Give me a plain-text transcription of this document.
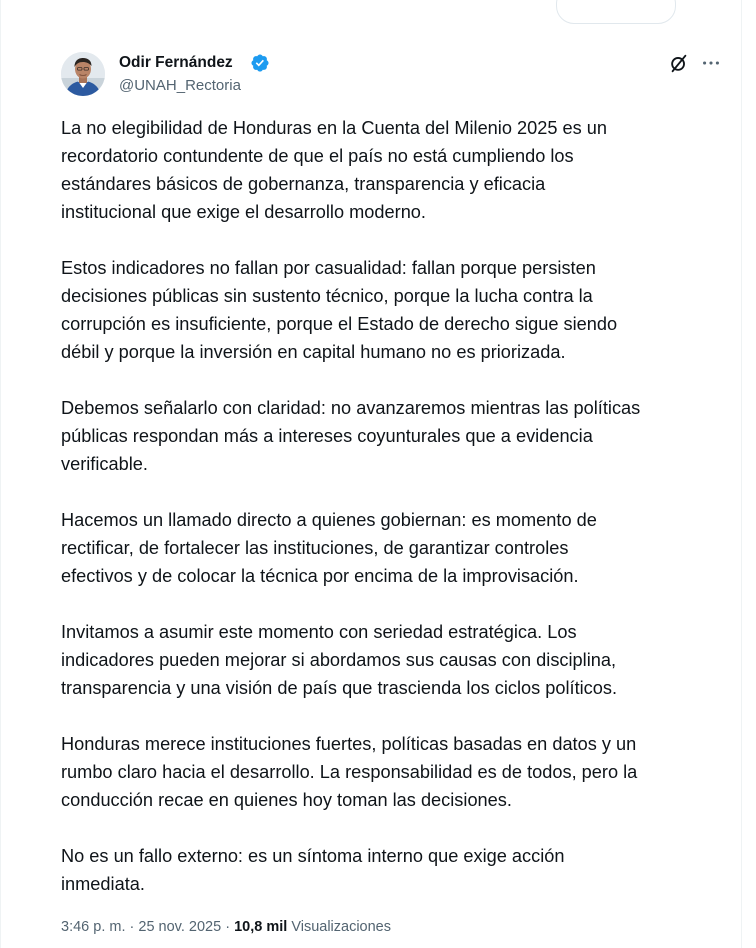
Odir Fernández
@UNAH_Rectoria

La no elegibilidad de Honduras en la Cuenta del Milenio 2025 es un
recordatorio contundente de que el país no está cumpliendo los
estándares básicos de gobernanza, transparencia y eficacia
institucional que exige el desarrollo moderno.

Estos indicadores no fallan por casualidad: fallan porque persisten
decisiones públicas sin sustento técnico, porque la lucha contra la
corrupción es insuficiente, porque el Estado de derecho sigue siendo
débil y porque la inversión en capital humano no es priorizada.

Debemos señalarlo con claridad: no avanzaremos mientras las políticas
públicas respondan más a intereses coyunturales que a evidencia
verificable.

Hacemos un llamado directo a quienes gobiernan: es momento de
rectificar, de fortalecer las instituciones, de garantizar controles
efectivos y de colocar la técnica por encima de la improvisación.

Invitamos a asumir este momento con seriedad estratégica. Los
indicadores pueden mejorar si abordamos sus causas con disciplina,
transparencia y una visión de país que trascienda los ciclos políticos.

Honduras merece instituciones fuertes, políticas basadas en datos y un
rumbo claro hacia el desarrollo. La responsabilidad es de todos, pero la
conducción recae en quienes hoy toman las decisiones.

No es un fallo externo: es un síntoma interno que exige acción
inmediata.

3:46 p. m. · 25 nov. 2025 · 10,8 mil Visualizaciones
